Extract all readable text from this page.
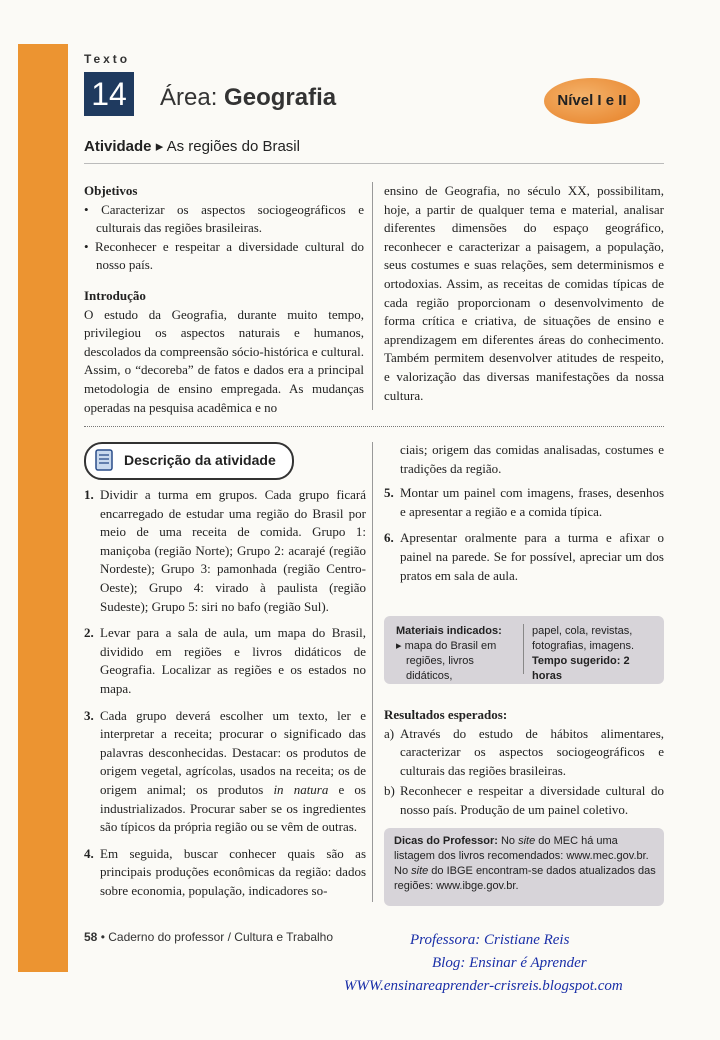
Texto
14	Área: Geografia	Nível I e II
Atividade ▸ As regiões do Brasil
Objetivos
• Caracterizar os aspectos sociogeográficos e culturais das regiões brasileiras.
• Reconhecer e respeitar a diversidade cultural do nosso país.
Introdução

O estudo da Geografia, durante muito tempo, privilegiou os aspectos naturais e humanos, descolados da compreensão sócio-histórica e cultural. Assim, o “decoreba” de fatos e dados era a principal metodologia de ensino empregada. As mudanças operadas na pesquisa acadêmica e no

ensino de Geografia, no século XX, possibilitam, hoje, a partir de qualquer tema e material, analisar diferentes dimensões do espaço geográfico, reconhecer e caracterizar a paisagem, a população, seus costumes e suas relações, sem determinismos e ortodoxias. Assim, as receitas de comidas típicas de cada região proporcionam o desenvolvimento de forma crítica e criativa, de situações de ensino e aprendizagem em diferentes áreas do conhecimento. Também permitem desenvolver atitudes de respeito, e valorização das diversas manifestações da nossa cultura.

Descrição da atividade
1. Dividir a turma em grupos. Cada grupo ficará encarregado de estudar uma região do Brasil por meio de uma receita de comida. Grupo 1: maniçoba (região Norte); Grupo 2: acarajé (região Nordeste); Grupo 3: pamonhada (região Centro-Oeste); Grupo 4: virado à paulista (região Sudeste); Grupo 5: siri no bafo (região Sul).
2. Levar para a sala de aula, um mapa do Brasil, dividido em regiões e livros didáticos de Geografia. Localizar as regiões e os estados no mapa.
3. Cada grupo deverá escolher um texto, ler e interpretar a receita; procurar o significado das palavras desconhecidas. Destacar: os produtos de origem vegetal, agrícolas, usados na receita; os de origem animal; os produtos in natura e os industrializados. Procurar saber se os ingredientes são típicos da própria região ou se vêm de outras.
4. Em seguida, buscar conhecer quais são as principais produções econômicas da região: dados sobre economia, população, indicadores so-

ciais; origem das comidas analisadas, costumes e tradições da região.

5. Montar um painel com imagens, frases, desenhos e apresentar a região e a comida típica.
6. Apresentar oralmente para a turma e afixar o painel na parede. Se for possível, apreciar um dos pratos em sala de aula.
Materiais indicados:

▸ mapa do Brasil em regiões, livros didáticos,
papel, cola, revistas, fotografias, imagens.
Tempo sugerido: 2 horas
Resultados esperados:
a) Através do estudo de hábitos alimentares, caracterizar os aspectos sociogeográficos e culturais das regiões brasileiras.
b) Reconhecer e respeitar a diversidade cultural do nosso país. Produção de um painel coletivo.
Dicas do Professor: No site do MEC há uma listagem dos livros recomendados: www.mec.gov.br. No site do IBGE encontram-se dados atualizados das regiões: www.ibge.gov.br.
58 • Caderno do professor / Cultura e Trabalho	Professora: Cristiane Reis
Blog: Ensinar é Aprender
WWW.ensinareaprender-crisreis.blogspot.com
